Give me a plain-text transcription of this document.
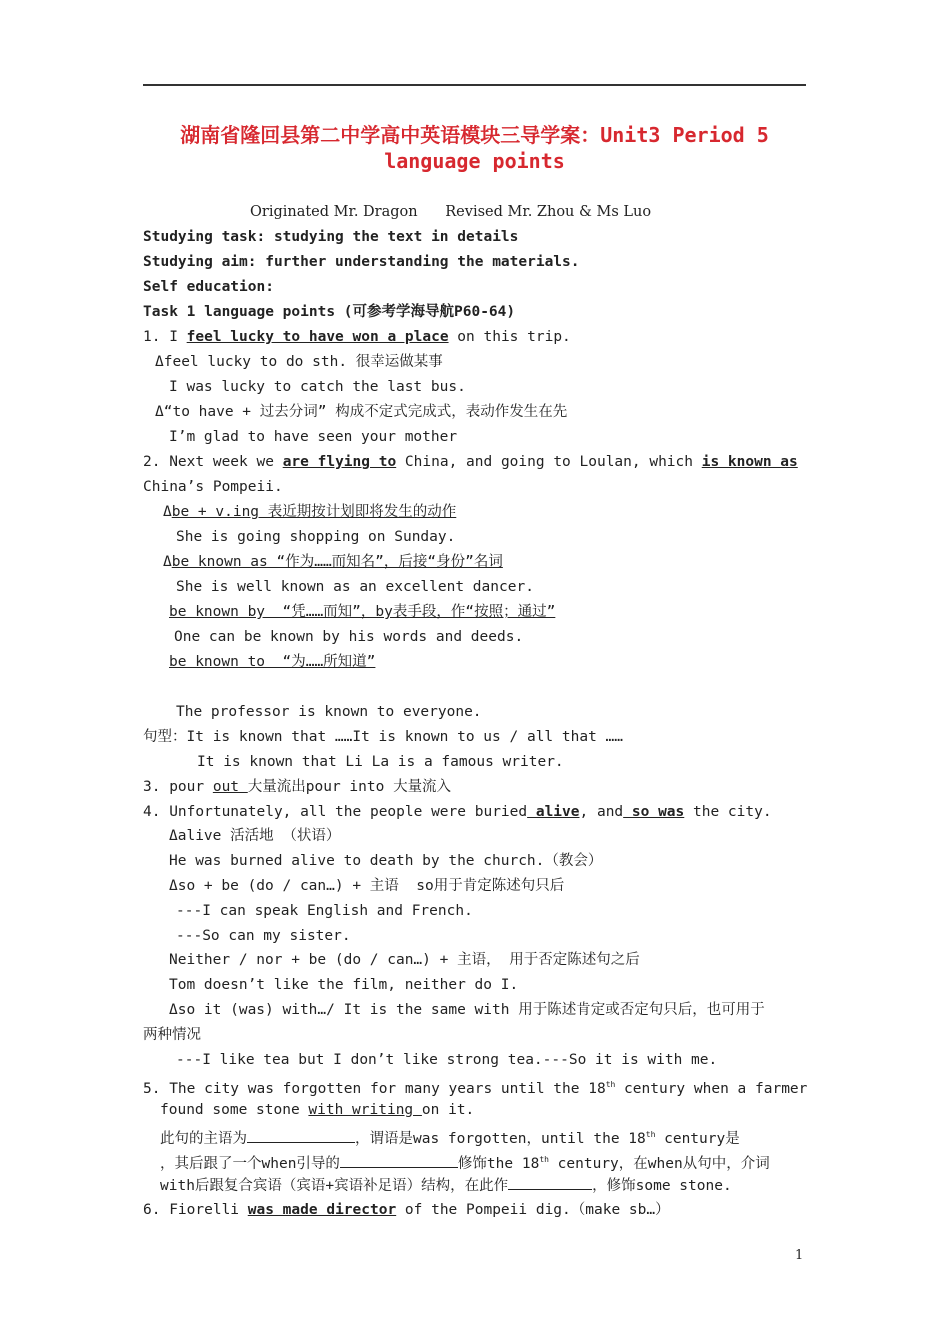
湖南省隆回县第二中学高中英语模块三导学案：Unit3 Period 5
language points
Originated Mr. Dragon      Revised Mr. Zhou & Ms Luo
Studying task: studying the text in details
Studying aim: further understanding the materials.
Self education:
Task 1 language points (可参考学海导航P60-64)
1. I feel lucky to have won a place on this trip.
Δfeel lucky to do sth. 很幸运做某事
I was lucky to catch the last bus.
Δ“to have + 过去分词” 构成不定式完成式，表动作发生在先
I’m glad to have seen your mother
2. Next week we are flying to China, and going to Loulan, which is known as
China’s Pompeii.
Δbe + v.ing 表近期按计划即将发生的动作
She is going shopping on Sunday.
Δbe known as “作为……而知名”，后接“身份”名词
She is well known as an excellent dancer.
be known by  “凭……而知”，by表手段，作“按照；通过”
One can be known by his words and deeds.
be known to  “为……所知道”
The professor is known to everyone.
句型：It is known that ……It is known to us / all that ……
It is known that Li La is a famous writer.
3. pour out 大量流出pour into 大量流入
4. Unfortunately, all the people were buried alive, and so was the city.
Δalive 活活地 （状语）
He was burned alive to death by the church.（教会）
Δso + be (do / can…) + 主语  so用于肯定陈述句只后
---I can speak English and French.
---So can my sister.
Neither / nor + be (do / can…) + 主语， 用于否定陈述句之后
Tom doesn’t like the film, neither do I.
Δso it (was) with…/ It is the same with 用于陈述肯定或否定句只后，也可用于
两种情况
---I like tea but I don’t like strong tea.---So it is with me.
5. The city was forgotten for many years until the 18th century when a farmer
found some stone with writing on it.
此句的主语为	，谓语是was forgotten，until the 18th century是
，其后跟了一个when引导的	修饰the 18th century，在when从句中，介词
with后跟复合宾语（宾语+宾语补足语）结构，在此作	，修饰some stone.
6. Fiorelli was made director of the Pompeii dig.（make sb…）
1
